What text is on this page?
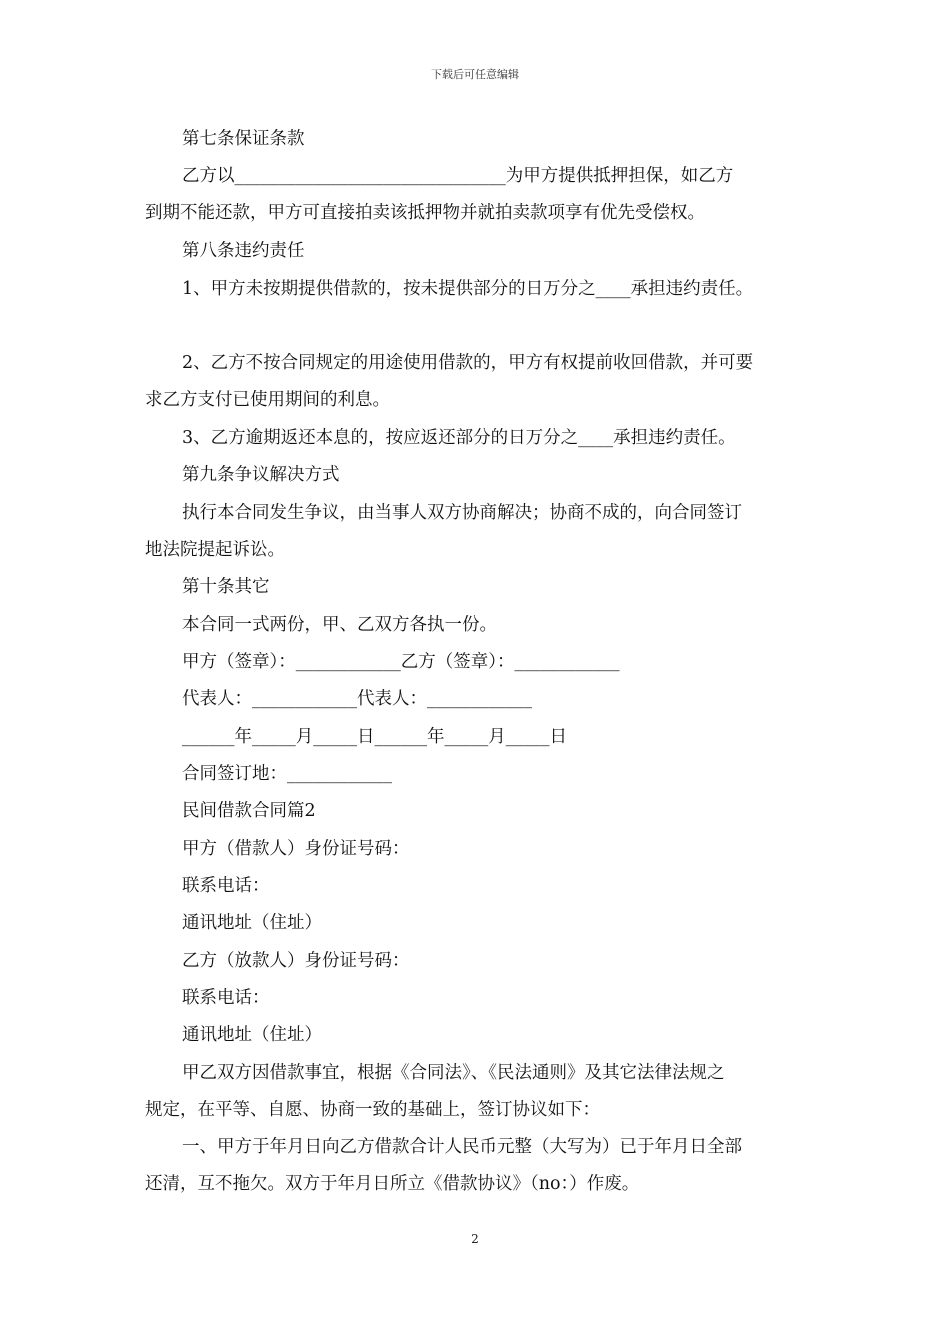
下载后可任意编辑
第七条保证条款
乙方以_______________________________为甲方提供抵押担保，如乙方
到期不能还款，甲方可直接拍卖该抵押物并就拍卖款项享有优先受偿权。
第八条违约责任
1、甲方未按期提供借款的，按未提供部分的日万分之____承担违约责任。
2、乙方不按合同规定的用途使用借款的，甲方有权提前收回借款，并可要
求乙方支付已使用期间的利息。
3、乙方逾期返还本息的，按应返还部分的日万分之____承担违约责任。
第九条争议解决方式
执行本合同发生争议，由当事人双方协商解决；协商不成的，向合同签订
地法院提起诉讼。
第十条其它
本合同一式两份，甲、乙双方各执一份。
甲方（签章）：____________乙方（签章）：____________
代表人：____________代表人：____________
______年_____月_____日______年_____月_____日
合同签订地：____________
民间借款合同篇2
甲方（借款人）身份证号码：
联系电话：
通讯地址（住址）
乙方（放款人）身份证号码：
联系电话：
通讯地址（住址）
甲乙双方因借款事宜，根据《合同法》、《民法通则》及其它法律法规之
规定，在平等、自愿、协商一致的基础上，签订协议如下：
一、甲方于年月日向乙方借款合计人民币元整（大写为）已于年月日全部
还清，互不拖欠。双方于年月日所立《借款协议》（no：）作废。
2
